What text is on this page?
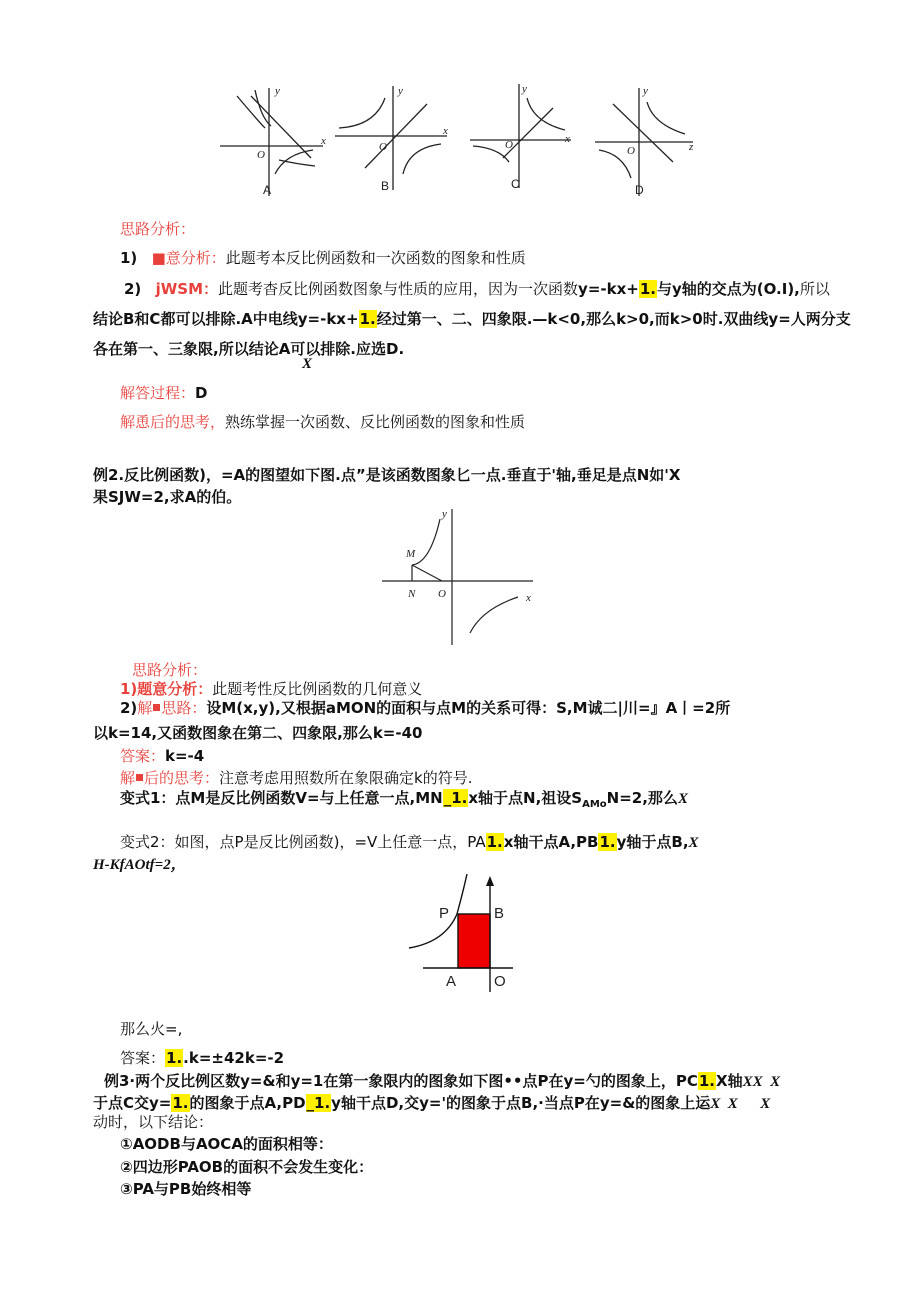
y
O
x
A
y
O
x
B
y
O	x
C
y
O	z
D
思路分析：
1) ■意分析：此题考本反比例函数和一次函数的图象和性质
2) jWSM：此题考杳反比例函数图象与性质的应用，因为一次函数y=-kx+1.与y轴的交点为(O.I),所以
结论B和C都可以排除.A中电线y=-kx+1.经过第一、二、四象限.—k<0,那么k>0,而k>0时.双曲线y=人两分支
各在第一、三象限,所以结论A可以排除.应选D.
X
解答过程：D
解恿后的思考，熟练掌握一次函数、反比例函数的图象和性质
例2.反比例函数)，=A的图望如下图.点”是该函数图象匕一点.垂直于'轴,垂足是点N如'X
果SJW=2,求A的伯。
y
x
M
N O
思路分析：
1)题意分析：此题考性反比例函数的几何意义
2)解 思路：设M(x,y),又根据aMON的面积与点M的关系可得：S,M诚二|川=』A丨=2所
以k=14,又函数图象在第二、四象限,那么k=-40
答案：k=-4
解 后的思考：注意考虑用照数所在象限确定k的符号.
变式1：点M是反比例函数V=与上任意一点,MN_1.x轴于点N,祖设$S_{AMo}N=2$,那么X
变式2：如图，点P是反比例函数)，=V上任意一点，PA1.x轴干点A,PB1.y轴于点B,X
H-KfAOtf=2，
P	B
A	O
那么火=,
答案：1..k=±42k=-2
例3·两个反比例区数y=&和y=1在第一象限内的图象如下图••点P在y=勺的图象上，PC1.X轴XX  X
于点C交y=1.的图象于点A,PD_1.y轴干点D,交y='的图象于点B,·当点P在y=&的图象上运X  X      X
动时，以下结论：
①AODB与AOCA的面积相等：
②四边形PAOB的面积不会发生变化：
③PA与PB始终相等
